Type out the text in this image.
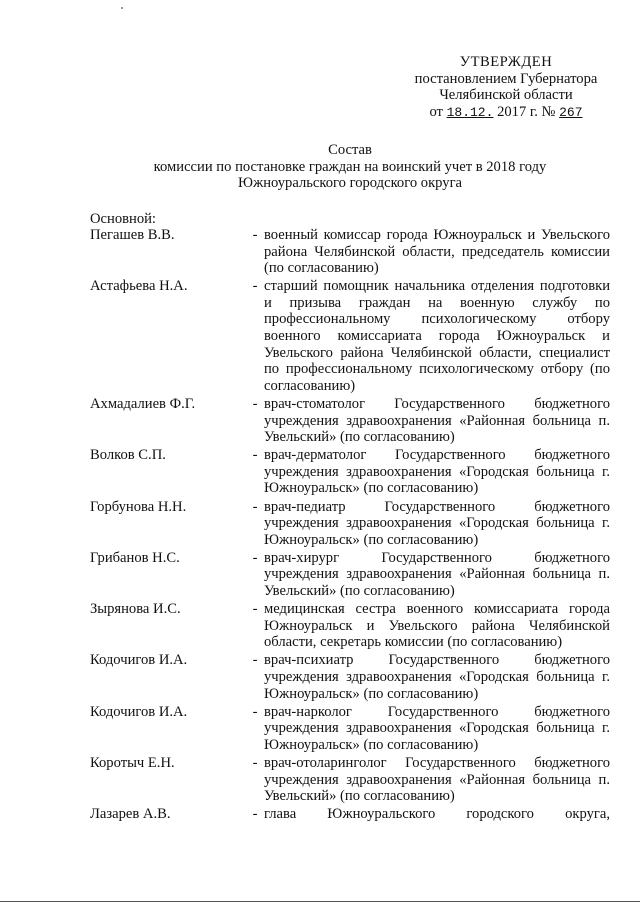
УТВЕРЖДЕН
постановлением Губернатора
Челябинской области
от 18.12. 2017 г. № 267
Состав
комиссии по постановке граждан на воинский учет в 2018 году
Южноуральского городского округа
Основной:
Пегашев В.В.	- военный комиссар города Южноуральск и Увельского района Челябинской области, председатель комиссии (по согласованию)
Астафьева Н.А.	- старший помощник начальника отделения подготовки и призыва граждан на военную службу по профессиональному психологическому отбору военного комиссариата города Южноуральск и Увельского района Челябинской области, специалист по профессиональному психологическому отбору (по согласованию)
Ахмадалиев Ф.Г.	- врач-стоматолог Государственного бюджетного учреждения здравоохранения «Районная больница п. Увельский» (по согласованию)
Волков С.П.	- врач-дерматолог Государственного бюджетного учреждения здравоохранения «Городская больница г. Южноуральск» (по согласованию)
Горбунова Н.Н.	- врач-педиатр Государственного бюджетного учреждения здравоохранения «Городская больница г. Южноуральск» (по согласованию)
Грибанов Н.С.	- врач-хирург Государственного бюджетного учреждения здравоохранения «Районная больница п. Увельский» (по согласованию)
Зырянова И.С.	- медицинская сестра военного комиссариата города Южноуральск и Увельского района Челябинской области, секретарь комиссии (по согласованию)
Кодочигов И.А.	- врач-психиатр Государственного бюджетного учреждения здравоохранения «Городская больница г. Южноуральск» (по согласованию)
Кодочигов И.А.	- врач-нарколог Государственного бюджетного учреждения здравоохранения «Городская больница г. Южноуральск» (по согласованию)
Коротыч Е.Н.	- врач-отоларинголог Государственного бюджетного учреждения здравоохранения «Районная больница п. Увельский» (по согласованию)
Лазарев А.В.	- глава Южноуральского городского округа,
